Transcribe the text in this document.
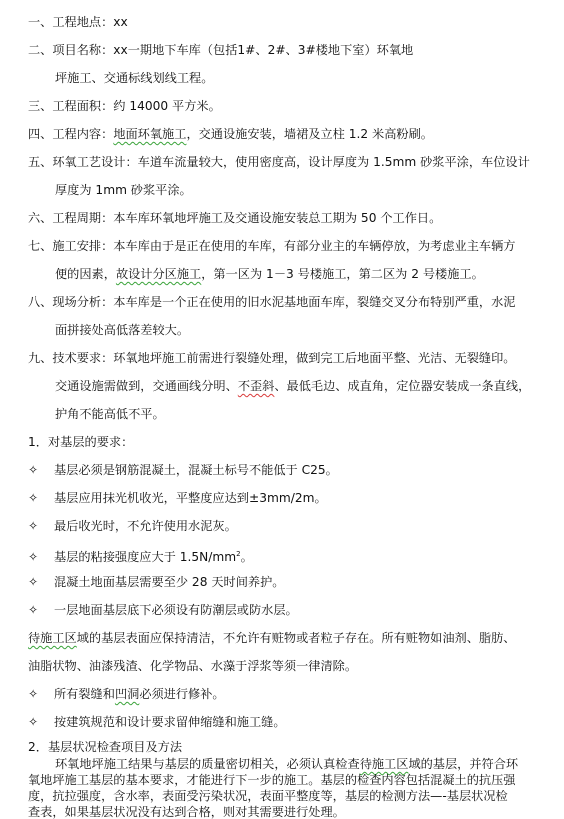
一、工程地点：xx
二、项目名称：xx一期地下车库（包括1#、2#、3#楼地下室）环氧地
坪施工、交通标线划线工程。
三、工程面积：约 14000 平方米。
四、工程内容：地面环氧施工，交通设施安装，墙裙及立柱 1.2 米高粉刷。
五、环氧工艺设计：车道车流量较大，使用密度高，设计厚度为 1.5mm 砂浆平涂，车位设计
厚度为 1mm 砂浆平涂。
六、工程周期：本车库环氧地坪施工及交通设施安装总工期为 50 个工作日。
七、施工安排：本车库由于是正在使用的车库，有部分业主的车辆停放，为考虑业主车辆方
便的因素，故设计分区施工，第一区为 1－3 号楼施工，第二区为 2 号楼施工。
八、现场分析：本车库是一个正在使用的旧水泥基地面车库，裂缝交叉分布特别严重，水泥
面拼接处高低落差较大。
九、技术要求：环氧地坪施工前需进行裂缝处理，做到完工后地面平整、光洁、无裂缝印。
交通设施需做到，交通画线分明、不歪斜、最低毛边、成直角，定位器安装成一条直线，
护角不能高低不平。
1．对基层的要求：
✧ 基层必须是钢筋混凝土，混凝土标号不能低于 C25。
✧ 基层应用抹光机收光，平整度应达到±3mm/2m。
✧ 最后收光时，不允许使用水泥灰。
✧ 基层的粘接强度应大于 $1.5N/mm^2$。
✧ 混凝土地面基层需要至少 28 天时间养护。
✧ 一层地面基层底下必须设有防潮层或防水层。
待施工区域的基层表面应保持清洁，不允许有赃物或者粒子存在。所有赃物如油剂、脂肪、
油脂状物、油漆残渣、化学物品、水藻于浮浆等须一律清除。
✧ 所有裂缝和凹洞必须进行修补。
✧ 按建筑规范和设计要求留伸缩缝和施工缝。
2．基层状况检查项目及方法
环氧地坪施工结果与基层的质量密切相关，必须认真检查待施工区域的基层，并符合环
氧地坪施工基层的基本要求，才能进行下一步的施工。基层的检查内容包括混凝土的抗压强
度，抗拉强度，含水率，表面受污染状况，表面平整度等，基层的检测方法—-基层状况检
查表，如果基层状况没有达到合格，则对其需要进行处理。
